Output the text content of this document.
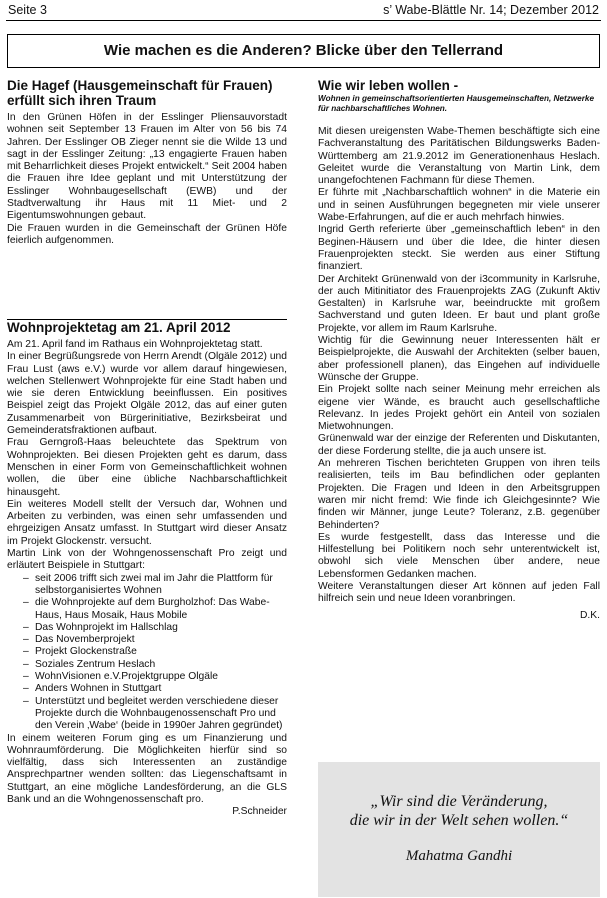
Seite 3	s’ Wabe-Blättle Nr. 14; Dezember 2012
Wie machen es die Anderen? Blicke über den Tellerrand
Die Hagef (Hausgemeinschaft für Frauen) erfüllt sich ihren Traum

In den Grünen Höfen in der Esslinger Pliensauvorstadt wohnen seit September 13 Frauen im Alter von 56 bis 74 Jahren. Der Esslinger OB Zieger nennt sie die Wilde 13 und sagt in der Esslinger Zeitung: „13 engagierte Frauen haben mit Beharrlichkeit dieses Projekt entwickelt.“ Seit 2004 haben die Frauen ihre Idee geplant und mit Unterstützung der Esslinger Wohnbaugesellschaft (EWB) und der Stadtverwaltung ihr Haus mit 11 Miet- und 2 Eigentumswohnungen gebaut.

Die Frauen wurden in die Gemeinschaft der Grünen Höfe feierlich aufgenommen.

Wohnprojektetag am 21. April 2012

Am 21. April fand im Rathaus ein Wohnprojektetag statt.

In einer Begrüßungsrede von Herrn Arendt (Olgäle 2012) und Frau Lust (aws e.V.) wurde vor allem darauf hingewiesen, welchen Stellenwert Wohnprojekte für eine Stadt haben und wie sie deren Entwicklung beeinflussen. Ein positives Beispiel zeigt das Projekt Olgäle 2012, das auf einer guten Zusammenarbeit von Bürgerinitiative, Bezirksbeirat und Gemeinderatsfraktionen aufbaut.

Frau Gerngroß-Haas beleuchtete das Spektrum von Wohnprojekten. Bei diesen Projekten geht es darum, dass Menschen in einer Form von Gemeinschaftlichkeit wohnen wollen, die über eine übliche Nachbarschaftlichkeit hinausgeht.

Ein weiteres Modell stellt der Versuch dar, Wohnen und Arbeiten zu verbinden, was einen sehr umfassenden und ehrgeizigen Ansatz umfasst. In Stuttgart wird dieser Ansatz im Projekt Glockenstr. versucht.

Martin Link von der Wohngenossenschaft Pro zeigt und erläutert Beispiele in Stuttgart:

– seit 2006 trifft sich zwei mal im Jahr die Plattform für selbstorganisiertes Wohnen
– die Wohnprojekte auf dem Burgholzhof: Das Wabe-Haus, Haus Mosaik, Haus Mobile
– Das Wohnprojekt im Hallschlag
– Das Novemberprojekt
– Projekt Glockenstraße
– Soziales Zentrum Heslach
– WohnVisionen e.V.Projektgruppe Olgäle
– Anders Wohnen in Stuttgart
– Unterstützt und begleitet werden verschiedene dieser Projekte durch die Wohnbaugenossenschaft Pro und den Verein ‚Wabe‘ (beide in 1990er Jahren gegründet)

In einem weiteren Forum ging es um Finanzierung und Wohnraumförderung. Die Möglichkeiten hierfür sind so vielfältig, dass sich Interessenten an zuständige Ansprechpartner wenden sollten: das Liegenschaftsamt in Stuttgart, an eine mögliche Landesförderung, an die GLS Bank und an die Wohngenossenschaft pro.

P.Schneider
Wie wir leben wollen -
Wohnen in gemeinschaftsorientierten Hausgemeinschaften, Netzwerke für nachbarschaftliches Wohnen.

Mit diesen ureigensten Wabe-Themen beschäftigte sich eine Fachveranstaltung des Paritätischen Bildungswerks Baden-Württemberg am 21.9.2012 im Generationenhaus Heslach. Geleitet wurde die Veranstaltung von Martin Link, dem unangefochtenen Fachmann für diese Themen.

Er führte mit „Nachbarschaftlich wohnen“ in die Materie ein und in seinen Ausführungen begegneten mir viele unserer Wabe-Erfahrungen, auf die er auch mehrfach hinwies.

Ingrid Gerth referierte über „gemeinschaftlich leben“ in den Beginen-Häusern und über die Idee, die hinter diesen Frauenprojekten steckt. Sie werden aus einer Stiftung finanziert.

Der Architekt Grünenwald von der i3community in Karlsruhe, der auch Mitinitiator des Frauenprojekts ZAG (Zukunft Aktiv Gestalten) in Karlsruhe war, beeindruckte mit großem Sachverstand und guten Ideen. Er baut und plant große Projekte, vor allem im Raum Karlsruhe.

Wichtig für die Gewinnung neuer Interessenten hält er Beispielprojekte, die Auswahl der Architekten (selber bauen, aber professionell planen), das Eingehen auf individuelle Wünsche der Gruppe.

Ein Projekt sollte nach seiner Meinung mehr erreichen als eigene vier Wände, es braucht auch gesellschaftliche Relevanz. In jedes Projekt gehört ein Anteil von sozialen Mietwohnungen.

Grünenwald war der einzige der Referenten und Diskutanten, der diese Forderung stellte, die ja auch unsere ist.

An mehreren Tischen berichteten Gruppen von ihren teils realisierten, teils im Bau befindlichen oder geplanten Projekten. Die Fragen und Ideen in den Arbeitsgruppen waren mir nicht fremd: Wie finde ich Gleichgesinnte? Wie finden wir Männer, junge Leute? Toleranz, z.B. gegenüber Behinderten?

Es wurde festgestellt, dass das Interesse und die Hilfestellung bei Politikern noch sehr unterentwickelt ist, obwohl sich viele Menschen über andere, neue Lebensformen Gedanken machen.

Weitere Veranstaltungen dieser Art können auf jeden Fall hilfreich sein und neue Ideen voranbringen.

D.K.
„Wir sind die Veränderung,
die wir in der Welt sehen wollen.“
Mahatma Gandhi
